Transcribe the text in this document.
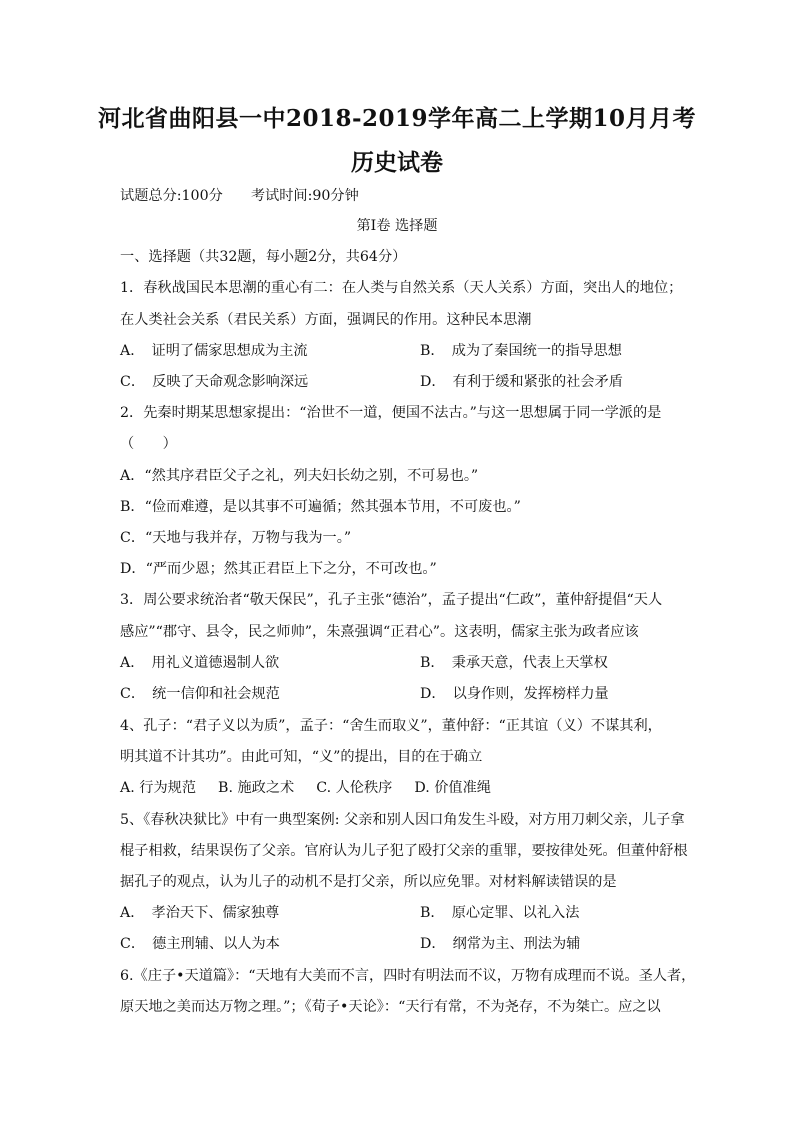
河北省曲阳县一中2018-2019学年高二上学期10月月考
历史试卷
试题总分:100分 考试时间:90分钟
第Ⅰ卷 选择题
一、选择题（共32题，每小题2分，共64分）
1．春秋战国民本思潮的重心有二：在人类与自然关系（天人关系）方面，突出人的地位；
在人类社会关系（君民关系）方面，强调民的作用。这种民本思潮
A．　证明了儒家思想成为主流	B．　成为了秦国统一的指导思想
C．　反映了天命观念影响深远	D．　有利于缓和紧张的社会矛盾
2．先秦时期某思想家提出：“治世不一道，便国不法古。”与这一思想属于同一学派的是
（　　）
A．“然其序君臣父子之礼，列夫妇长幼之别，不可易也。”
B．“俭而难遵，是以其事不可遍循；然其强本节用，不可废也。”
C．“天地与我并存，万物与我为一。”
D．“严而少恩；然其正君臣上下之分，不可改也。”
3．周公要求统治者“敬天保民”，孔子主张“德治”，孟子提出“仁政”，董仲舒提倡“天人
感应”“郡守、县令，民之师帅”，朱熹强调“正君心”。这表明，儒家主张为政者应该
A．　用礼义道德遏制人欲	B．　秉承天意，代表上天掌权
C．　统一信仰和社会规范	D．　以身作则，发挥榜样力量
4、孔子：“君子义以为质”，孟子：“舍生而取义”，董仲舒：“正其谊（义）不谋其利，
明其道不计其功”。由此可知，“义”的提出，目的在于确立
A. 行为规范 B. 施政之术 C. 人伦秩序 D. 价值准绳
5、《春秋决狱比》中有一典型案例: 父亲和别人因口角发生斗殴，对方用刀刺父亲，儿子拿
棍子相救，结果误伤了父亲。官府认为儿子犯了殴打父亲的重罪，要按律处死。但董仲舒根
据孔子的观点，认为儿子的动机不是打父亲，所以应免罪。对材料解读错误的是
A．　孝治天下、儒家独尊	B．　原心定罪、以礼入法
C．　德主刑辅、以人为本	D．　纲常为主、刑法为辅
6.《庄子•天道篇》：“天地有大美而不言，四时有明法而不议，万物有成理而不说。圣人者，
原天地之美而达万物之理。”；《荀子•天论》：“天行有常，不为尧存，不为桀亡。应之以
